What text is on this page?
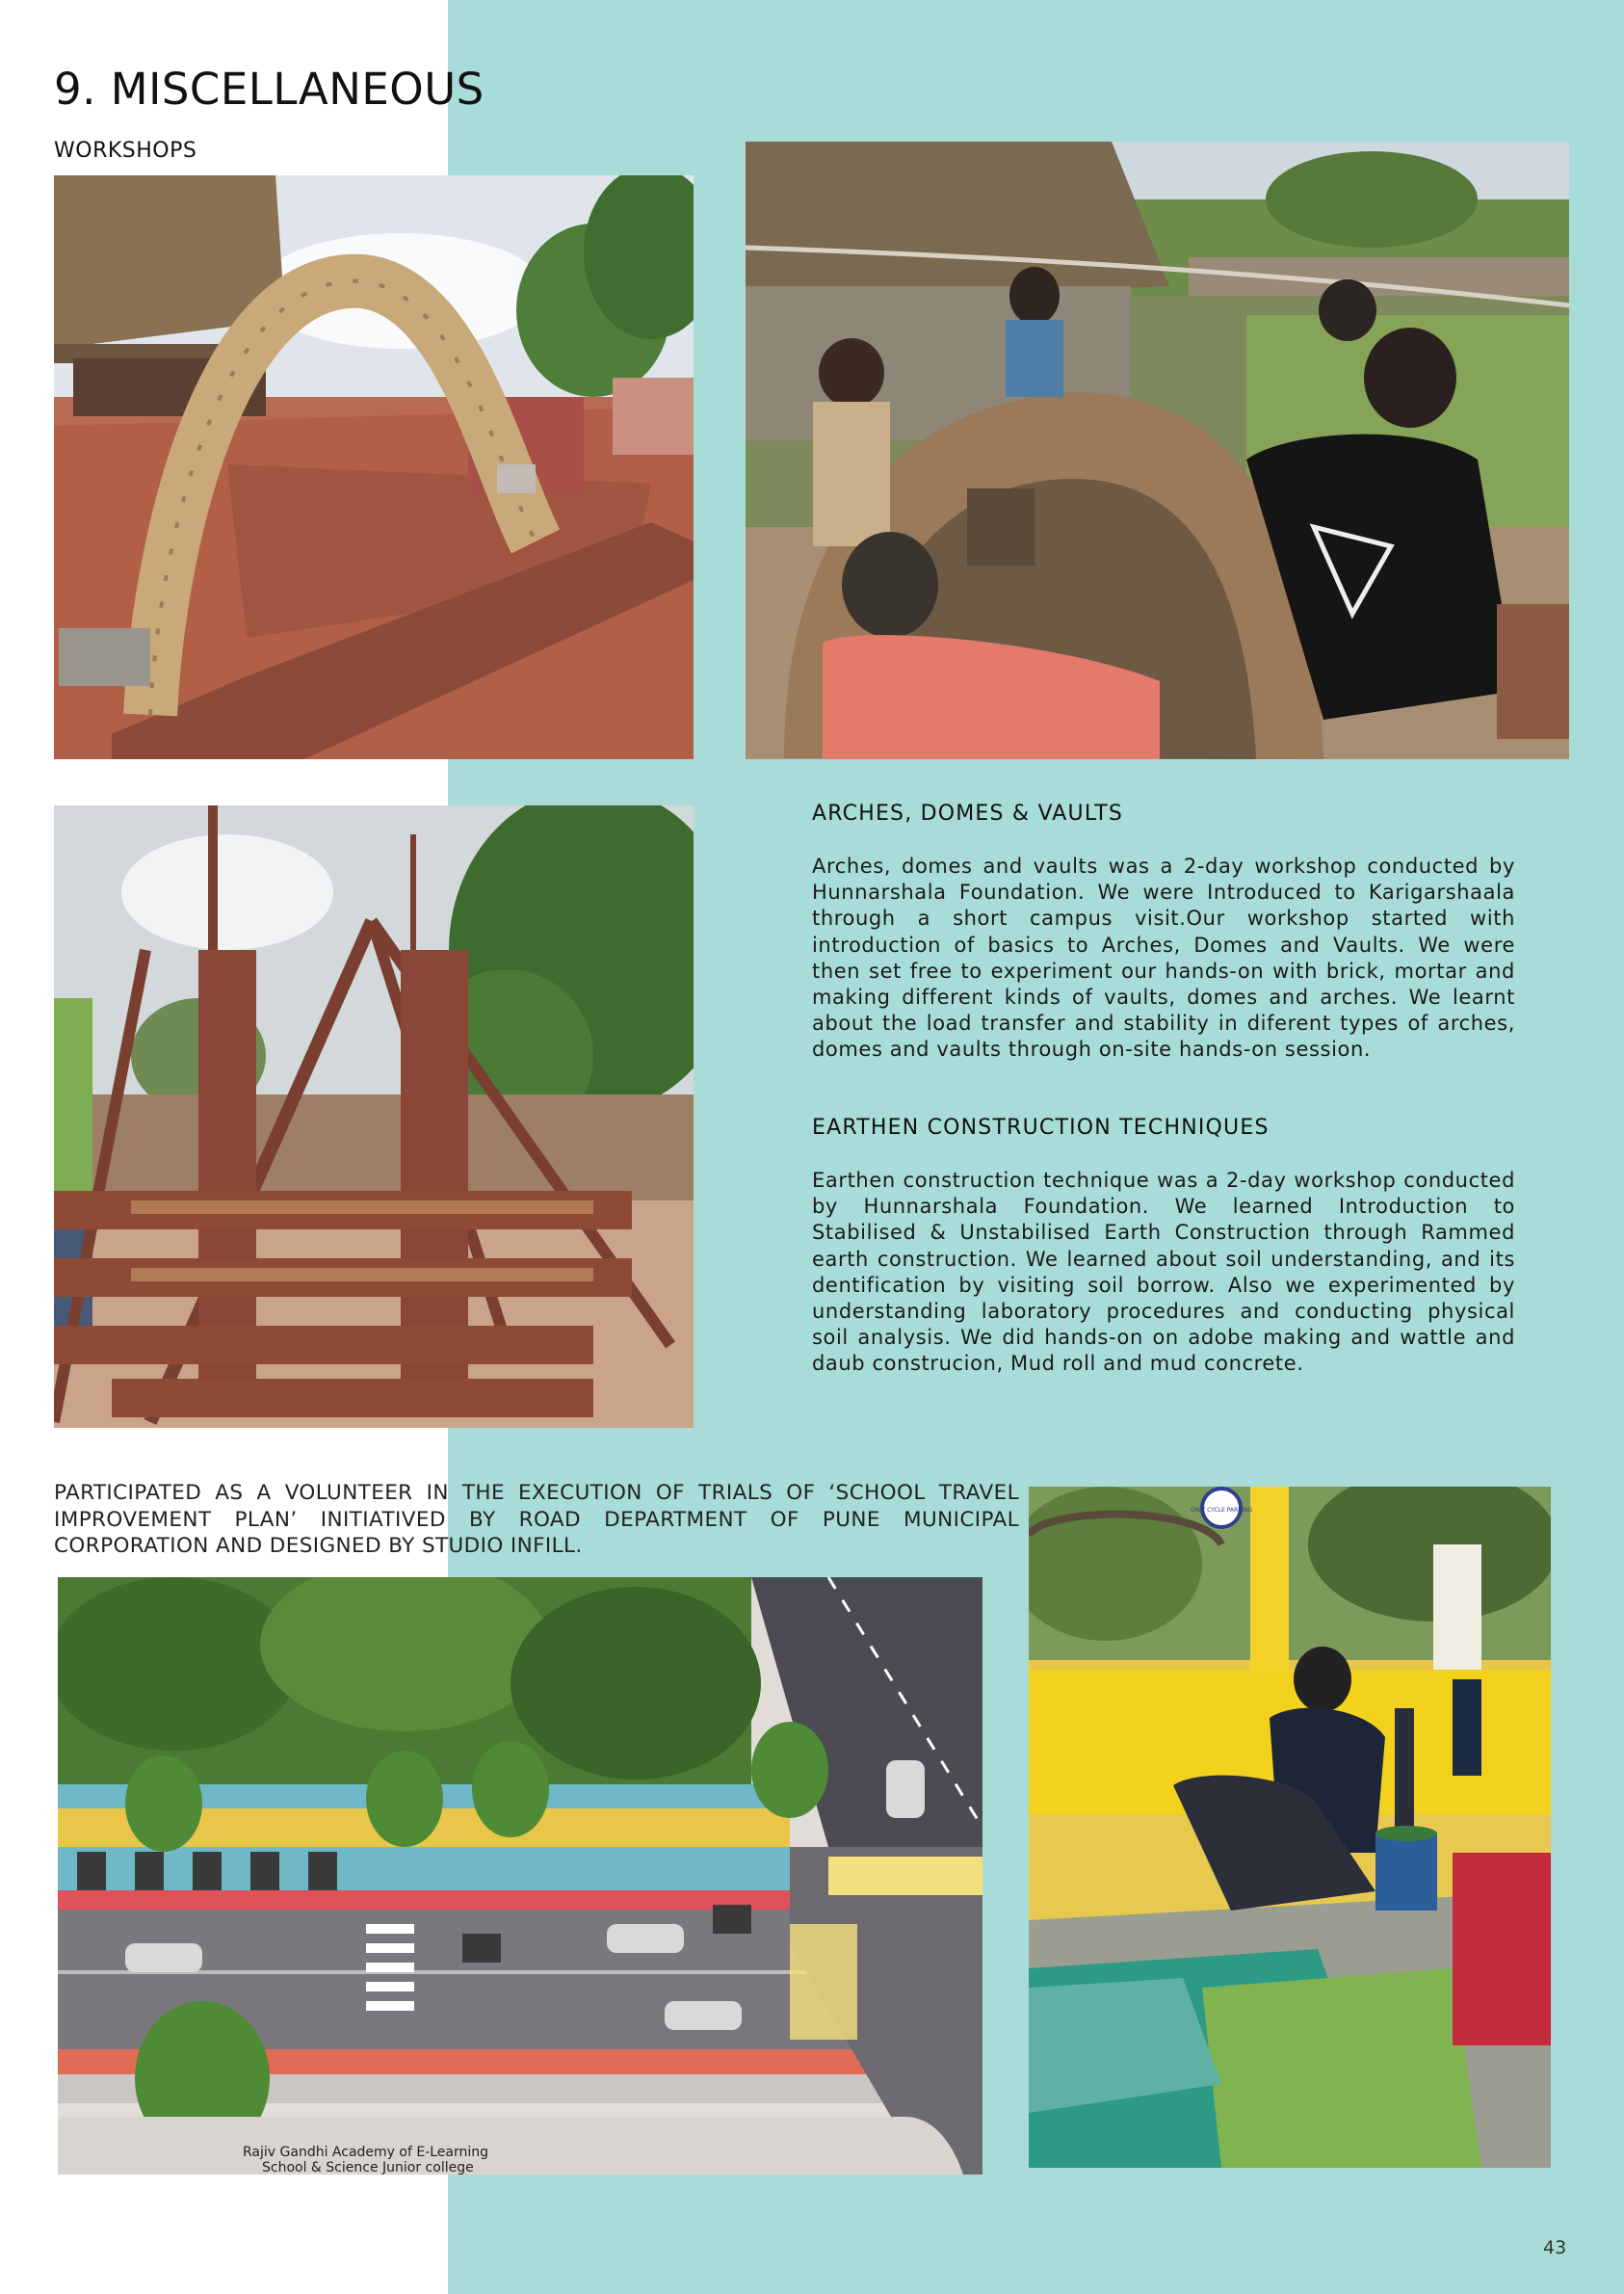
9. MISCELLANEOUS

WORKSHOPS

ARCHES, DOMES & VAULTS

Arches, domes and vaults was a 2-day workshop conducted by Hunnarshala Foundation. We were Introduced to Karigarshaala through a short campus visit.Our workshop started with introduction of basics to Arches, Domes and Vaults. We were then set free to experiment our hands-on with brick, mortar and making different kinds of vaults, domes and arches. We learnt about the load transfer and stability in diferent types of arches, domes and vaults through on-site hands-on session.

EARTHEN CONSTRUCTION TECHNIQUES

Earthen construction technique was a 2-day workshop conducted by Hunnarshala Foundation. We learned Introduction to Stabilised & Unstabilised Earth Construction through Rammed earth construction. We learned about soil understanding, and its dentification by visiting soil borrow. Also we experimented by understanding laboratory procedures and conducting physical soil analysis. We did hands-on on adobe making and wattle and daub construcion, Mud roll and mud concrete.

PARTICIPATED AS A VOLUNTEER IN THE EXECUTION OF TRIALS OF ‘SCHOOL TRAVEL IMPROVEMENT PLAN’ INITIATIVED BY ROAD DEPARTMENT OF PUNE MUNICIPAL CORPORATION AND DESIGNED BY STUDIO INFILL.

Rajiv Gandhi Academy of E-Learning
School & Science Junior college
ONLY CYCLE PARKING
43
